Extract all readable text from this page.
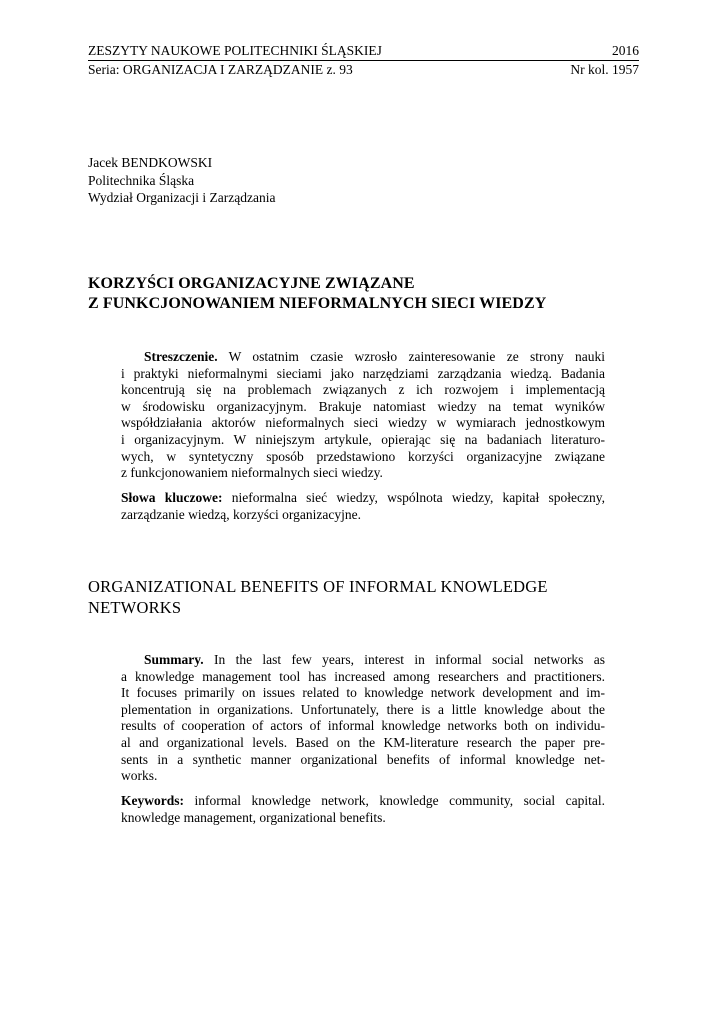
ZESZYTY NAUKOWE POLITECHNIKI ŚLĄSKIEJ	2016
Seria: ORGANIZACJA I ZARZĄDZANIE z. 93	Nr kol. 1957
Jacek BENDKOWSKI
Politechnika Śląska
Wydział Organizacji i Zarządzania
KORZYŚCI ORGANIZACYJNE ZWIĄZANE
Z FUNKCJONOWANIEM NIEFORMALNYCH SIECI WIEDZY
Streszczenie. W ostatnim czasie wzrosło zainteresowanie ze strony nauki
i praktyki nieformalnymi sieciami jako narzędziami zarządzania wiedzą. Badania
koncentrują się na problemach związanych z ich rozwojem i implementacją
w środowisku organizacyjnym. Brakuje natomiast wiedzy na temat wyników
współdziałania aktorów nieformalnych sieci wiedzy w wymiarach jednostkowym
i organizacyjnym. W niniejszym artykule, opierając się na badaniach literaturo-
wych, w syntetyczny sposób przedstawiono korzyści organizacyjne związane
z funkcjonowaniem nieformalnych sieci wiedzy.
Słowa kluczowe: nieformalna sieć wiedzy, wspólnota wiedzy, kapitał społeczny,
zarządzanie wiedzą, korzyści organizacyjne.
ORGANIZATIONAL BENEFITS OF INFORMAL KNOWLEDGE
NETWORKS
Summary. In the last few years, interest in informal social networks as
a knowledge management tool has increased among researchers and practitioners.
It focuses primarily on issues related to knowledge network development and im-
plementation in organizations. Unfortunately, there is a little knowledge about the
results of cooperation of actors of informal knowledge networks both on individu-
al and organizational levels. Based on the KM-literature research the paper pre-
sents in a synthetic manner organizational benefits of informal knowledge net-
works.
Keywords: informal knowledge network, knowledge community, social capital.
knowledge management, organizational benefits.
